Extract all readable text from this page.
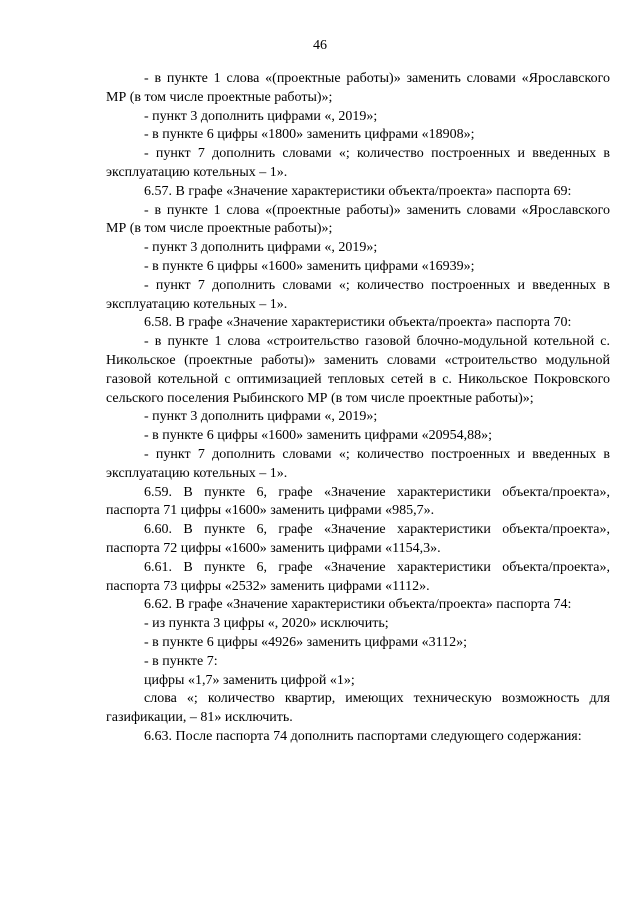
46

- в пункте 1 слова «(проектные работы)» заменить словами «Ярославского МР (в том числе проектные работы)»;

- пункт 3 дополнить цифрами «, 2019»;

- в пункте 6 цифры «1800» заменить цифрами «18908»;

- пункт 7 дополнить словами «; количество построенных и введенных в эксплуатацию котельных – 1».

6.57. В графе «Значение характеристики объекта/проекта» паспорта 69:

- в пункте 1 слова «(проектные работы)» заменить словами «Ярославского МР (в том числе проектные работы)»;

- пункт 3 дополнить цифрами «, 2019»;

- в пункте 6 цифры «1600» заменить цифрами «16939»;

- пункт 7 дополнить словами «; количество построенных и введенных в эксплуатацию котельных – 1».

6.58. В графе «Значение характеристики объекта/проекта» паспорта 70:

- в пункте 1 слова «строительство газовой блочно-модульной котельной с. Никольское (проектные работы)» заменить словами «строительство модульной газовой котельной с оптимизацией тепловых сетей в с. Никольское Покровского сельского поселения Рыбинского МР (в том числе проектные работы)»;

- пункт 3 дополнить цифрами «, 2019»;

- в пункте 6 цифры «1600» заменить цифрами «20954,88»;

- пункт 7 дополнить словами «; количество построенных и введенных в эксплуатацию котельных – 1».

6.59. В пункте 6, графе «Значение характеристики объекта/проекта», паспорта 71 цифры «1600» заменить цифрами «985,7».

6.60. В пункте 6, графе «Значение характеристики объекта/проекта», паспорта 72 цифры «1600» заменить цифрами «1154,3».

6.61. В пункте 6, графе «Значение характеристики объекта/проекта», паспорта 73 цифры «2532» заменить цифрами «1112».

6.62. В графе «Значение характеристики объекта/проекта» паспорта 74:

- из пункта 3 цифры «, 2020» исключить;

- в пункте 6 цифры «4926» заменить цифрами «3112»;

- в пункте 7:

цифры «1,7» заменить цифрой «1»;

слова «; количество квартир, имеющих техническую возможность для газификации, – 81» исключить.

6.63. После паспорта 74 дополнить паспортами следующего содержания:
